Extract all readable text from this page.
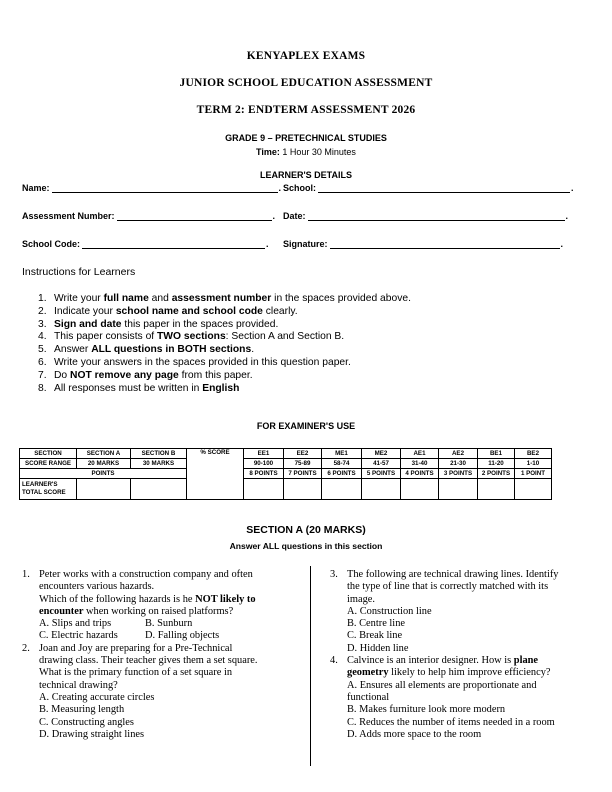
KENYAPLEX EXAMS
JUNIOR SCHOOL EDUCATION ASSESSMENT
TERM 2: ENDTERM ASSESSMENT 2026
GRADE 9 – PRETECHNICAL STUDIES
Time: 1 Hour 30 Minutes
LEARNER'S DETAILS
Name:	. School:	.
Assessment Number:	. Date:	.
School Code:	. Signature:	.
Instructions for Learners
1. Write your full name and assessment number in the spaces provided above.
2. Indicate your school name and school code clearly.
3. Sign and date this paper in the spaces provided.
4. This paper consists of TWO sections: Section A and Section B.
5. Answer ALL questions in BOTH sections.
6. Write your answers in the spaces provided in this question paper.
7. Do NOT remove any page from this paper.
8. All responses must be written in English
FOR EXAMINER'S USE
SECTION	SECTION A	SECTION B	% SCORE	EE1	EE2	ME1	ME2	AE1	AE2	BE1	BE2
SCORE RANGE	20 MARKS	30 MARKS		90-100	75-89	58-74	41-57	31-40	21-30	11-20	1-10
POINTS				8 POINTS	7 POINTS	6 POINTS	5 POINTS	4 POINTS	3 POINTS	2 POINTS	1 POINT
LEARNER'S TOTAL SCORE											
SECTION A (20 MARKS)
Answer ALL questions in this section
1. Peter works with a construction company and often
encounters various hazards.
Which of the following hazards is he NOT likely to
encounter when working on raised platforms?
A. Slips and trips	B. Sunburn
C. Electric hazards	D. Falling objects
2. Joan and Joy are preparing for a Pre-Technical
drawing class. Their teacher gives them a set square.
What is the primary function of a set square in
technical drawing?
A. Creating accurate circles
B. Measuring length
C. Constructing angles
D. Drawing straight lines
3. The following are technical drawing lines. Identify
the type of line that is correctly matched with its
image.
A. Construction line
B. Centre line
C. Break line
D. Hidden line
4. Calvince is an interior designer. How is plane
geometry likely to help him improve efficiency?
A. Ensures all elements are proportionate and
functional
B. Makes furniture look more modern
C. Reduces the number of items needed in a room
D. Adds more space to the room
